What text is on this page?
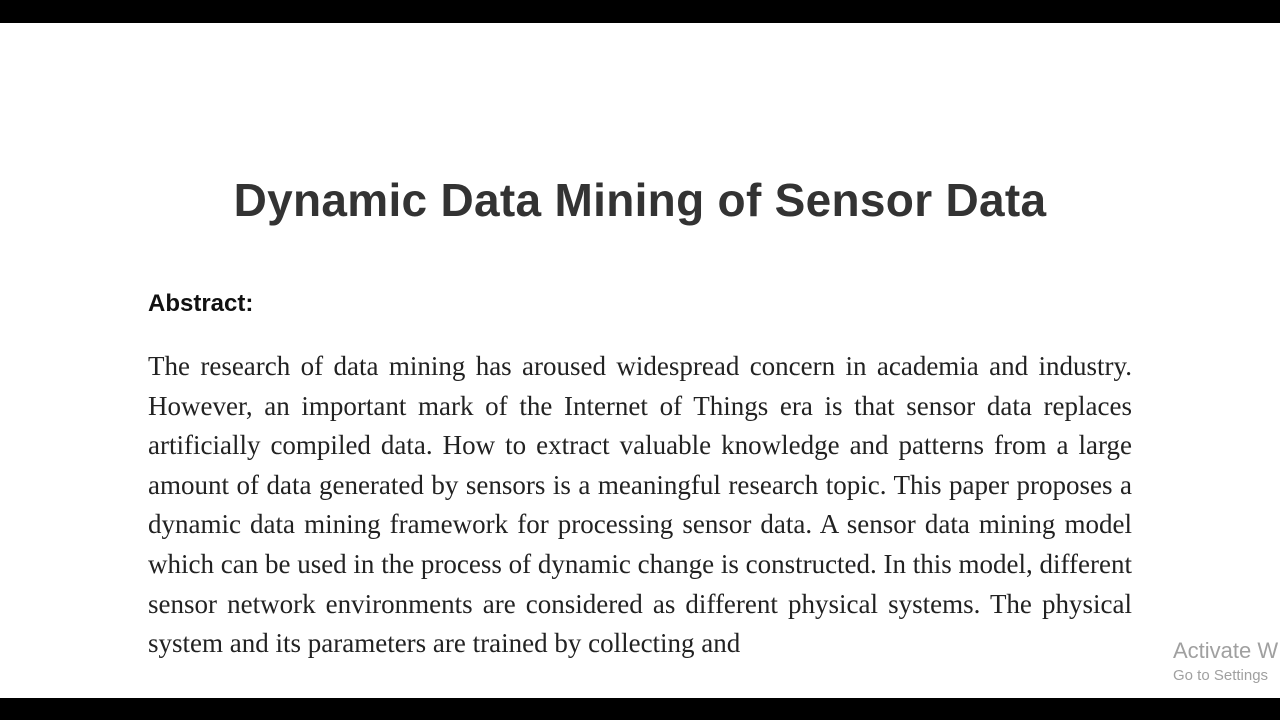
Dynamic Data Mining of Sensor Data
Abstract:

The research of data mining has aroused widespread concern in academia and industry. However, an important mark of the Internet of Things era is that sensor data replaces artificially compiled data. How to extract valuable knowledge and patterns from a large amount of data generated by sensors is a meaningful research topic. This paper proposes a dynamic data mining framework for processing sensor data. A sensor data mining model which can be used in the process of dynamic change is constructed. In this model, different sensor network environments are considered as different physical systems. The physical system and its parameters are trained by collecting and	Activate W
Go to Settings
